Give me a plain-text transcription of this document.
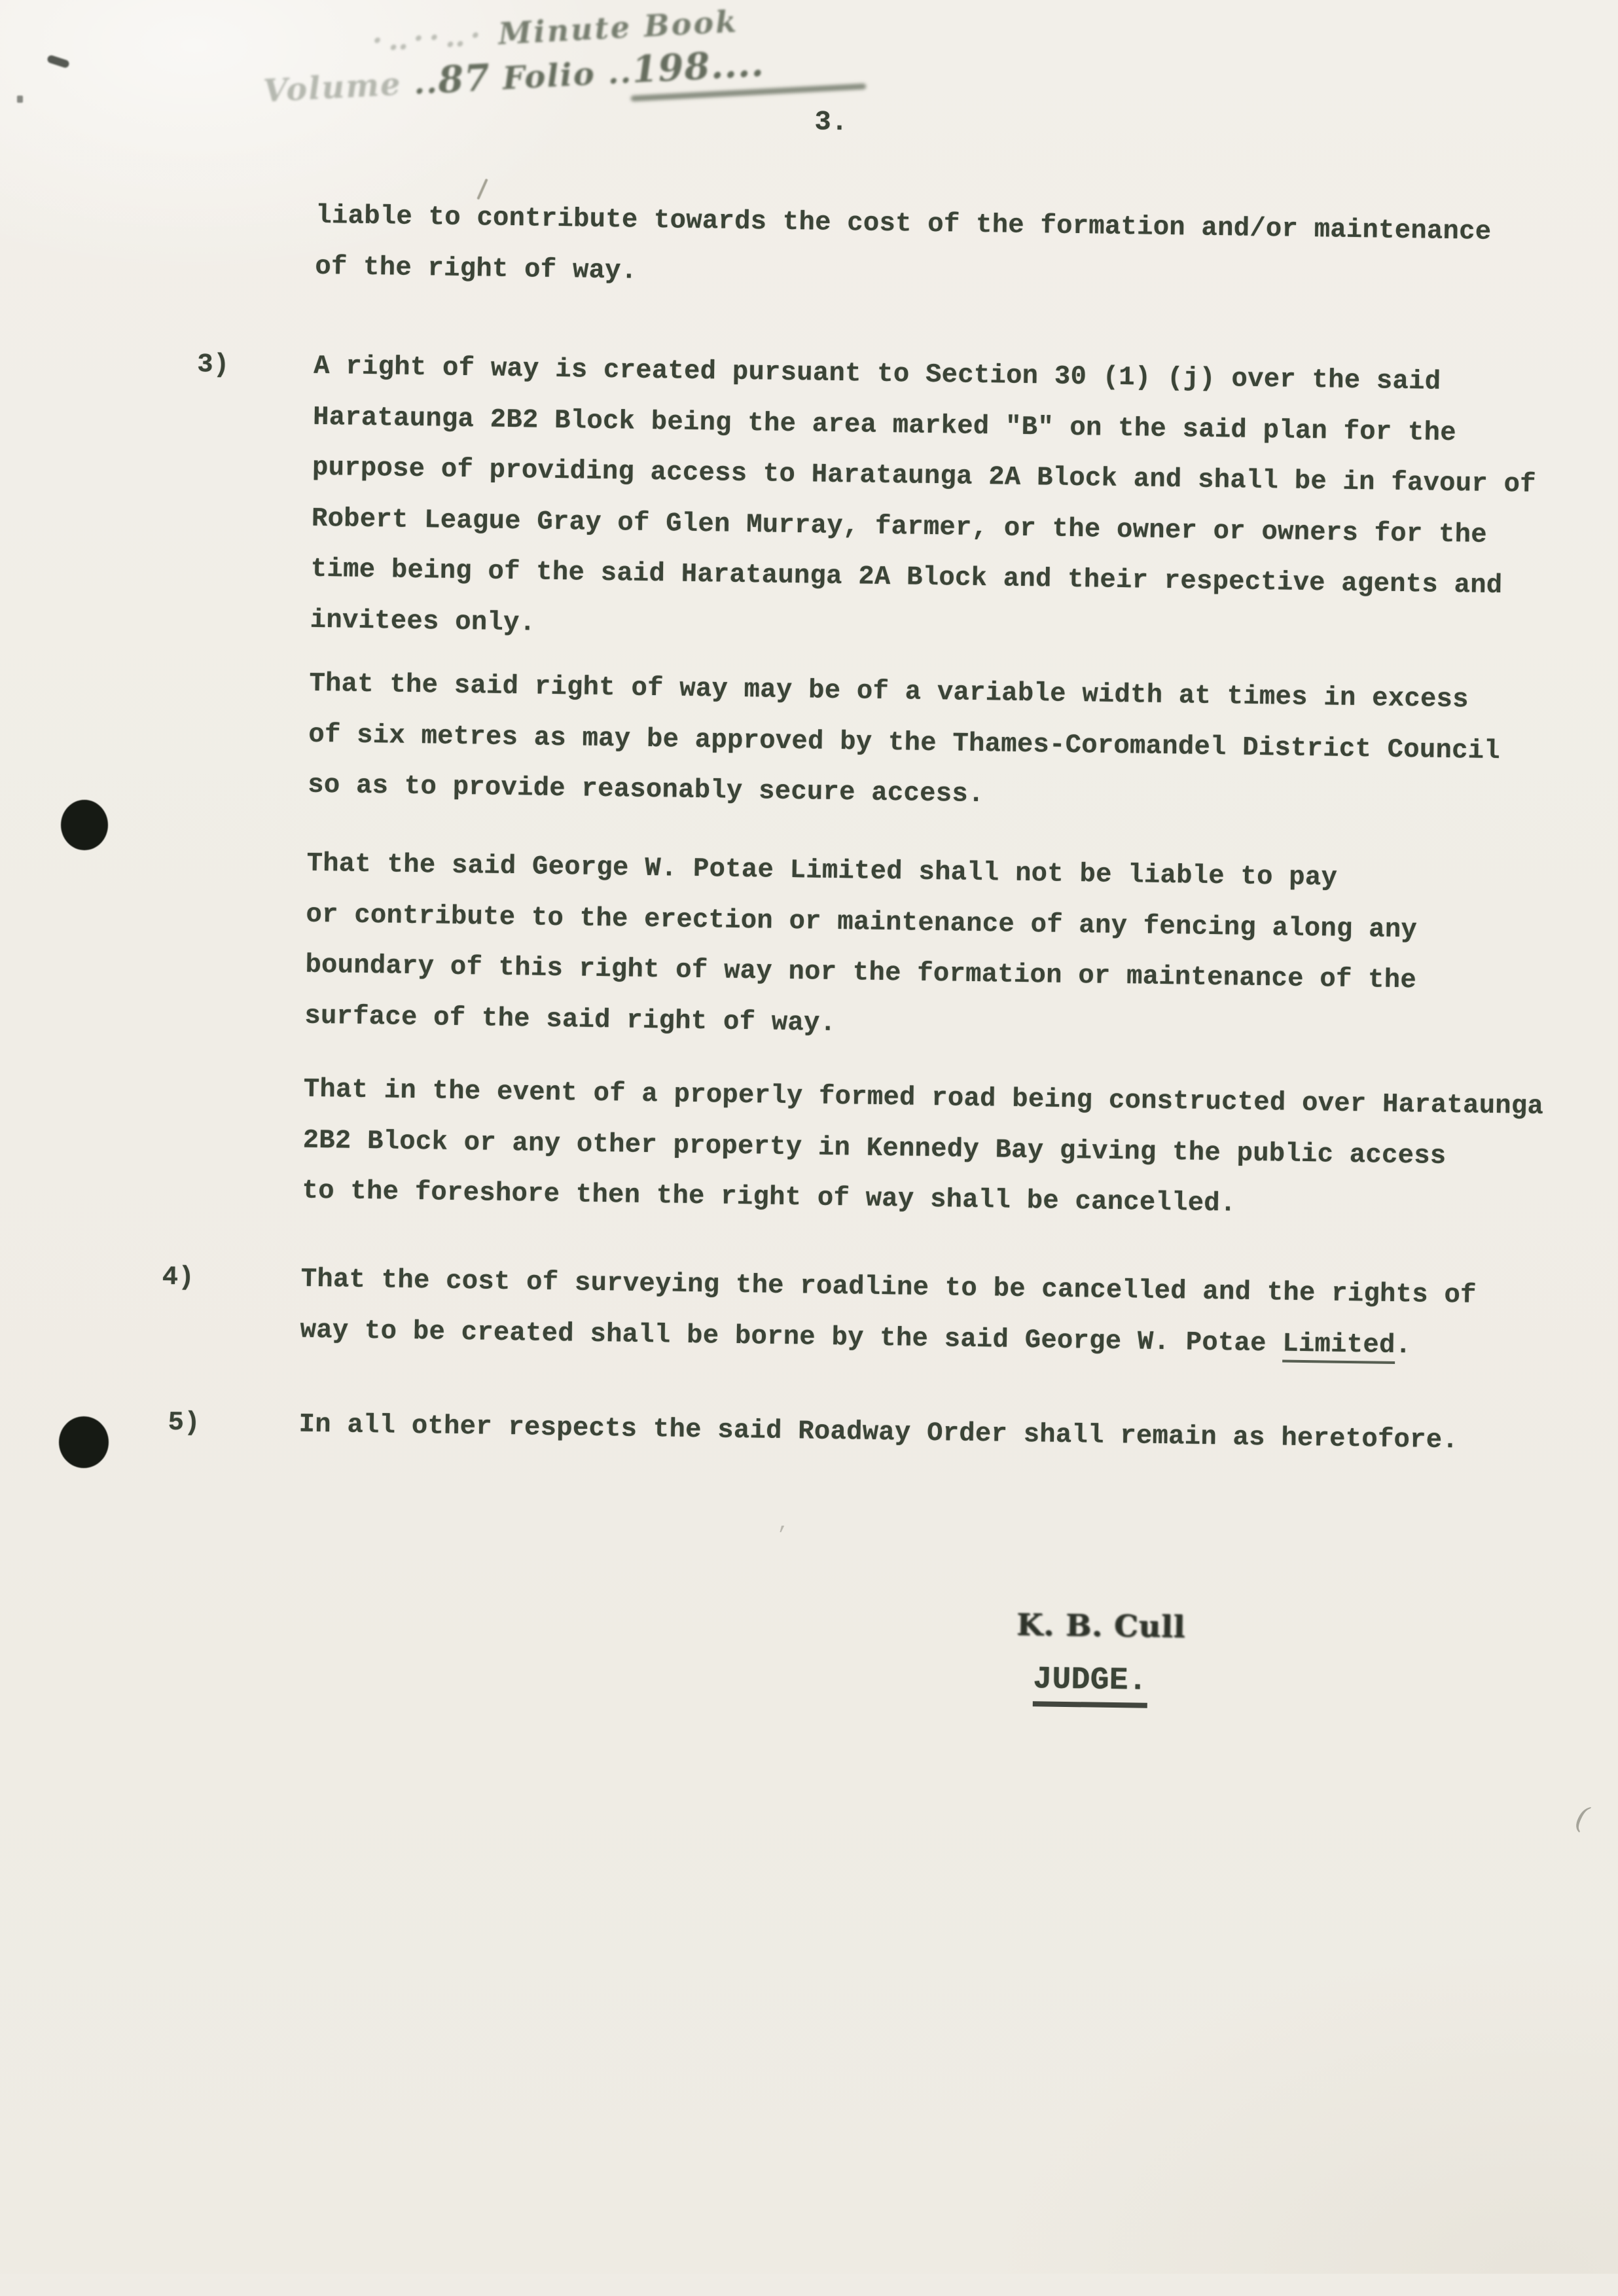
·‥··‥· Minute Book
Volume ..87 Folio ..198....
3.
liable to contribute towards the cost of the formation and/or maintenance
of the right of way.
3)	A right of way is created pursuant to Section 30 (1) (j) over the said
Harataunga 2B2 Block being the area marked "B" on the said plan for the
purpose of providing access to Harataunga 2A Block and shall be in favour of
Robert League Gray of Glen Murray, farmer, or the owner or owners for the
time being of the said Harataunga 2A Block and their respective agents and
invitees only.
That the said right of way may be of a variable width at times in excess
of six metres as may be approved by the Thames-Coromandel District Council
so as to provide reasonably secure access.
That the said George W. Potae Limited shall not be liable to pay
or contribute to the erection or maintenance of any fencing along any
boundary of this right of way nor the formation or maintenance of the
surface of the said right of way.
That in the event of a properly formed road being constructed over Harataunga
2B2 Block or any other property in Kennedy Bay giving the public access
to the foreshore then the right of way shall be cancelled.
4)	That the cost of surveying the roadline to be cancelled and the rights of
way to be created shall be borne by the said George W. Potae Limited.
5)	In all other respects the said Roadway Order shall remain as heretofore.
K. B. Cull
JUDGE.
(
‚
